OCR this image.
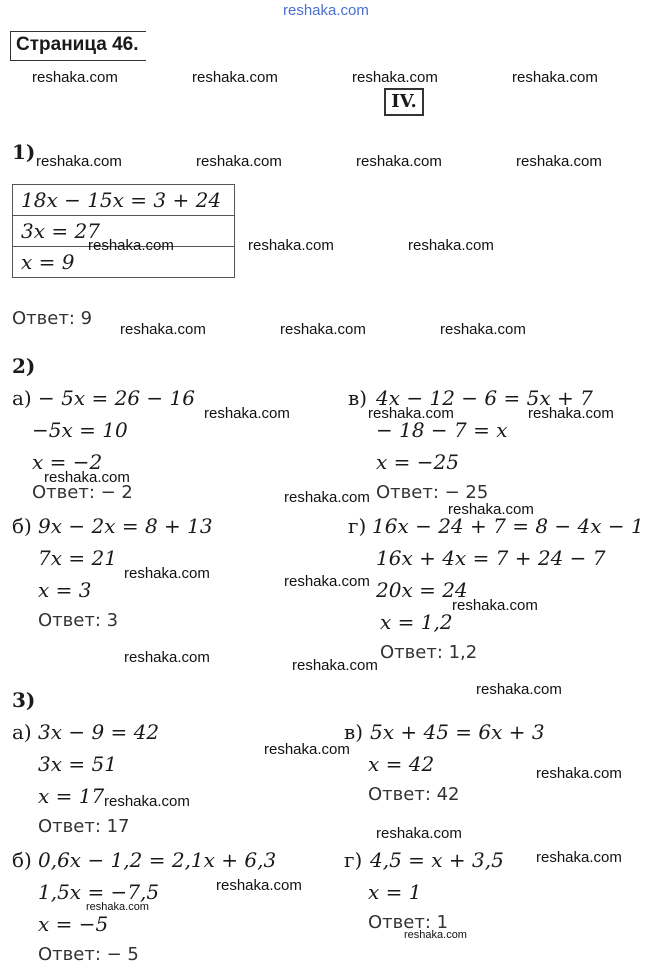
reshaka.com
Страница 46.
IV.
reshaka.com	reshaka.com	reshaka.com	reshaka.com
1) reshaka.com	reshaka.com	reshaka.com	reshaka.com
18x − 15x = 3 + 24
3x = 27
x = 9
reshaka.com	reshaka.com	reshaka.com
Ответ: 9
reshaka.com	reshaka.com	reshaka.com
2)
а) − 5x = 26 − 16
−5x = 10
x = −2
Ответ: − 2
reshaka.com
reshaka.com
reshaka.com
б) 9x − 2x = 8 + 13
7x = 21
x = 3
Ответ: 3
reshaka.com	reshaka.com
reshaka.com	reshaka.com
в) 4x − 12 − 6 = 5x + 7
− 18 − 7 = x
x = −25
Ответ: − 25
reshaka.com	reshaka.com
г) 16x − 24 + 7 = 8 − 4x − 1
16x + 4x = 7 + 24 − 7
20x = 24
x = 1,2
Ответ: 1,2
reshaka.com
reshaka.com
3)	reshaka.com
а) 3x − 9 = 42
3x = 51
x = 17
Ответ: 17
reshaka.com
reshaka.com
б) 0,6x − 1,2 = 2,1x + 6,3
1,5x = −7,5
x = −5
Ответ: − 5
reshaka.com
reshaka.com
в) 5x + 45 = 6x + 3
x = 42
Ответ: 42
reshaka.com
reshaka.com
г) 4,5 = x + 3,5
x = 1
Ответ: 1
reshaka.com
reshaka.com
